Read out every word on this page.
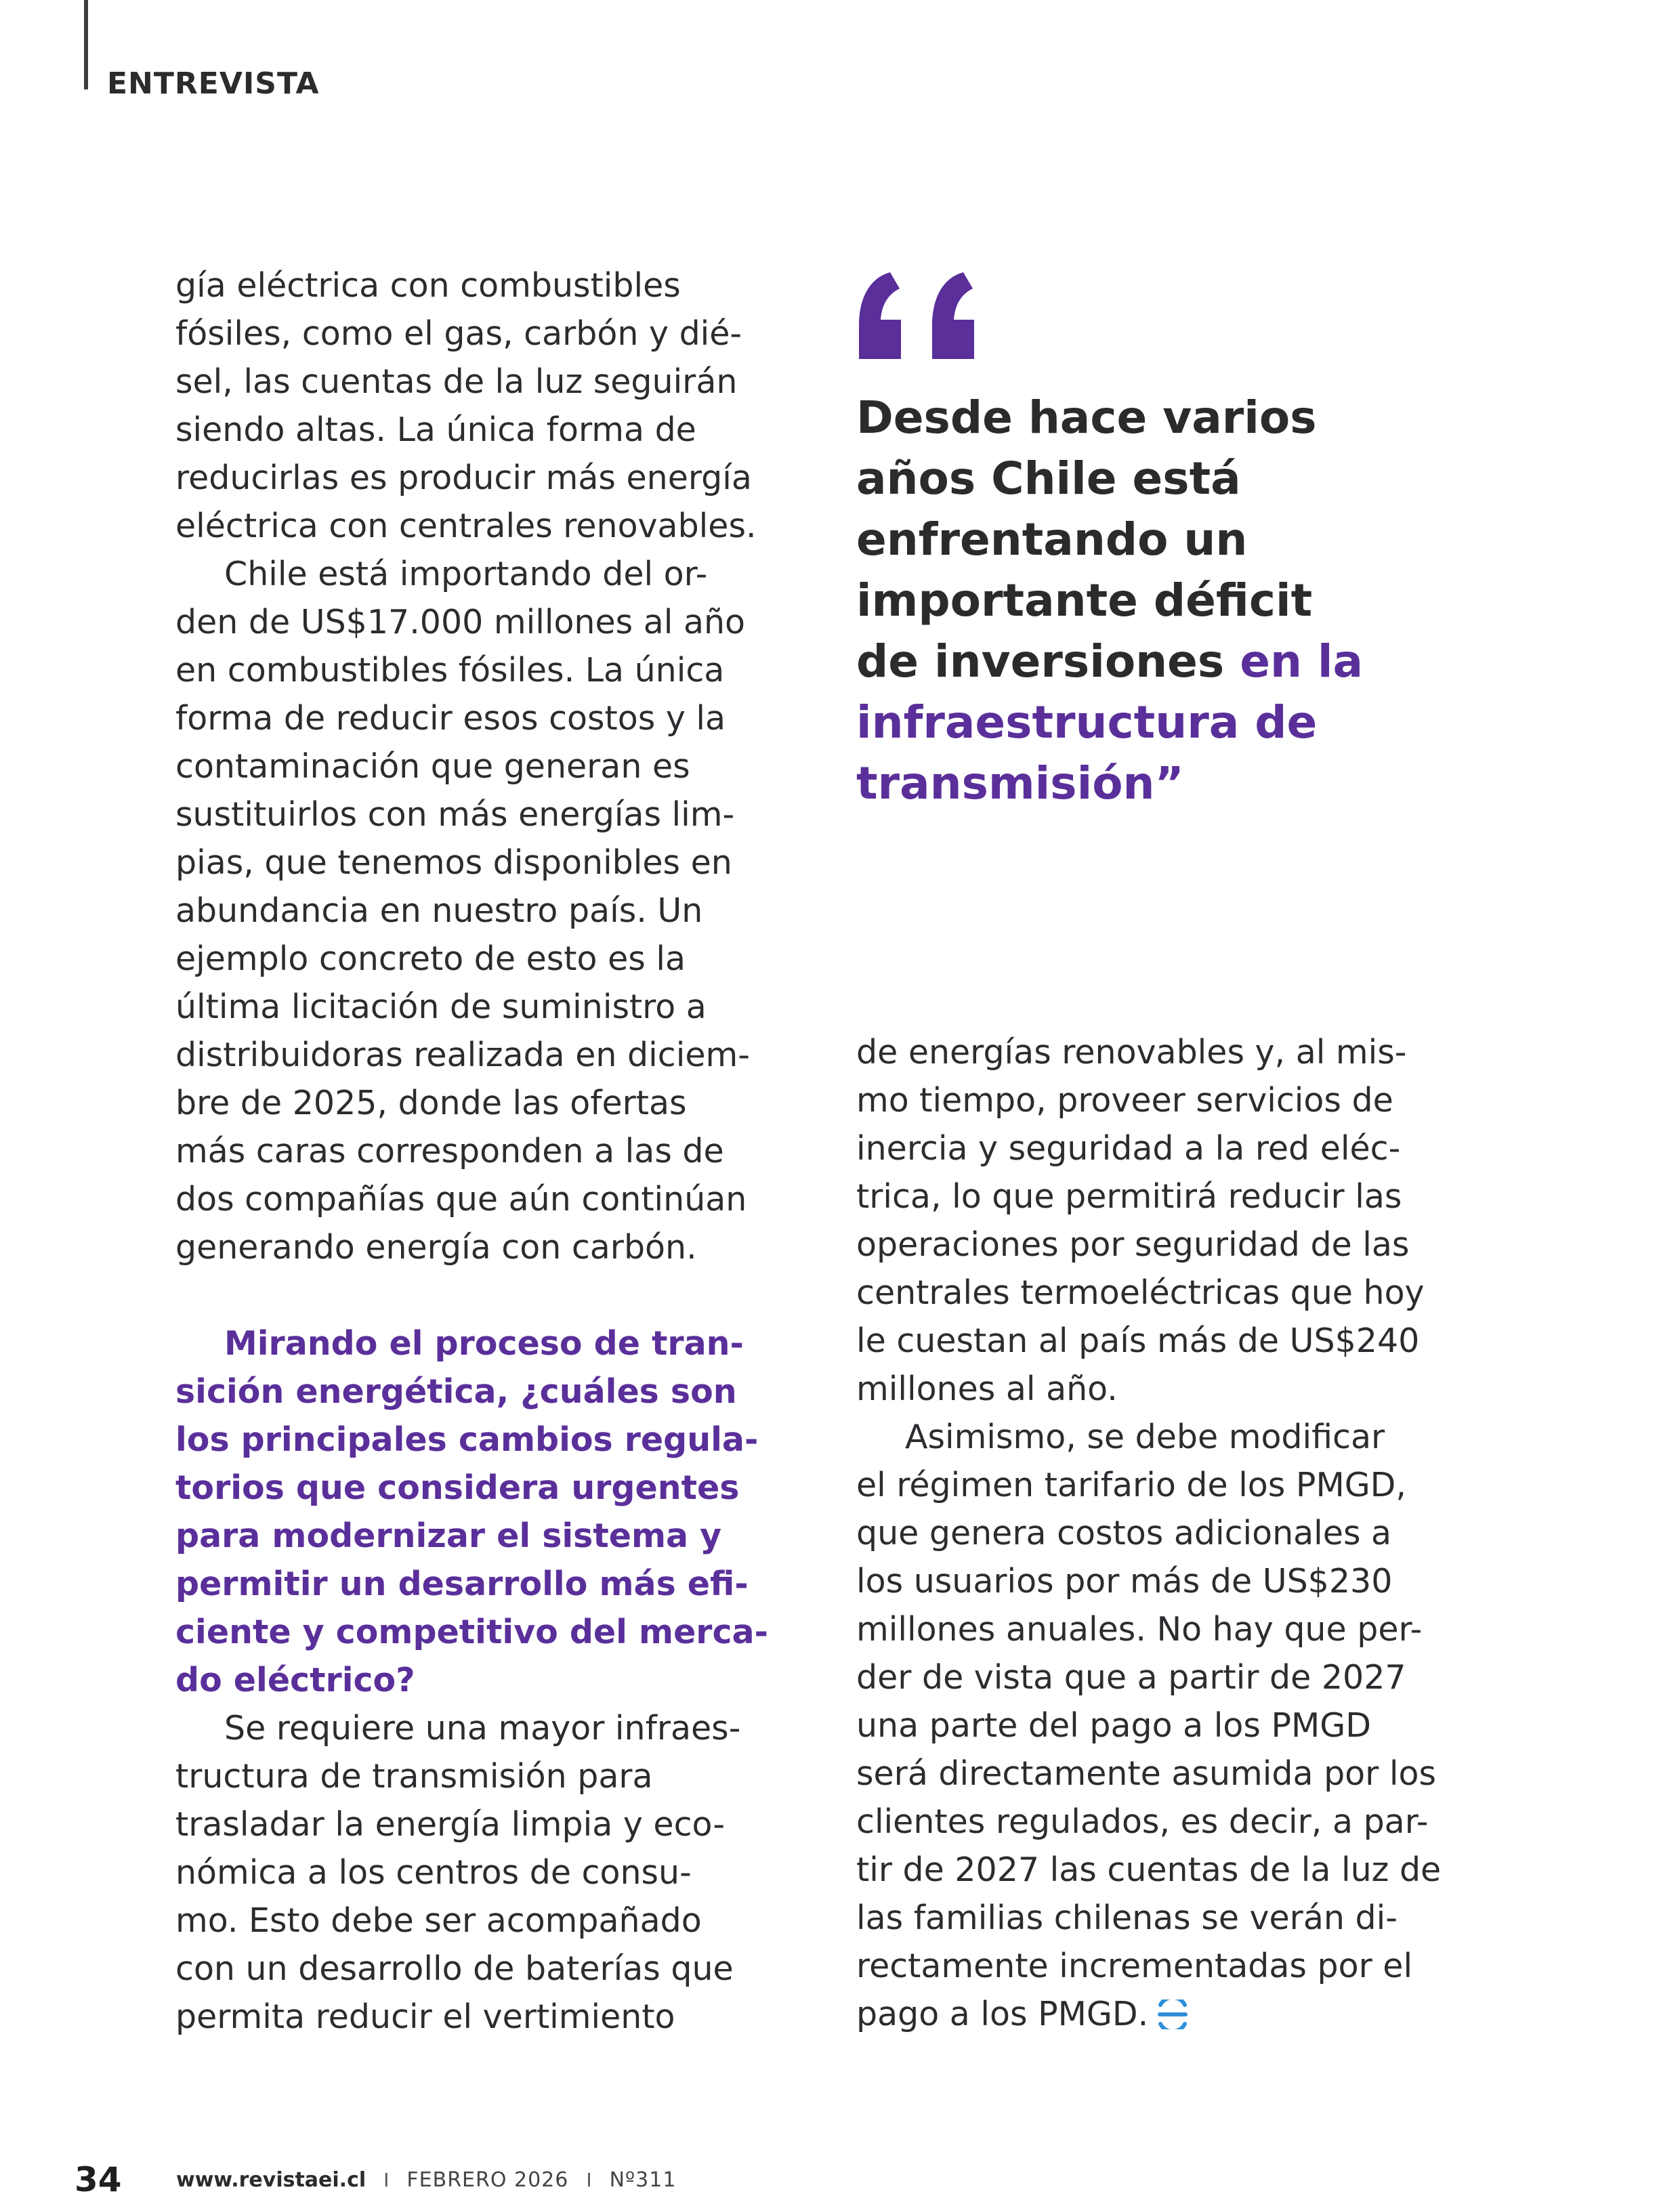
ENTREVISTA

gía eléctrica con combustibles
fósiles, como el gas, carbón y dié-
sel, las cuentas de la luz seguirán
siendo altas. La única forma de
reducirlas es producir más energía
eléctrica con centrales renovables.

Chile está importando del or-
den de US$17.000 millones al año
en combustibles fósiles. La única
forma de reducir esos costos y la
contaminación que generan es
sustituirlos con más energías lim-
pias, que tenemos disponibles en
abundancia en nuestro país. Un
ejemplo concreto de esto es la
última licitación de suministro a
distribuidoras realizada en diciem-
bre de 2025, donde las ofertas
más caras corresponden a las de
dos compañías que aún continúan
generando energía con carbón.

Mirando el proceso de tran-
sición energética, ¿cuáles son
los principales cambios regula-
torios que considera urgentes
para modernizar el sistema y
permitir un desarrollo más efi-
ciente y competitivo del merca-
do eléctrico?

Se requiere una mayor infraes-
tructura de transmisión para
trasladar la energía limpia y eco-
nómica a los centros de consu-
mo. Esto debe ser acompañado
con un desarrollo de baterías que
permita reducir el vertimiento

Desde hace varios
años Chile está
enfrentando un
importante déficit
de inversiones en la
infraestructura de
transmisión”

de energías renovables y, al mis-
mo tiempo, proveer servicios de
inercia y seguridad a la red eléc-
trica, lo que permitirá reducir las
operaciones por seguridad de las
centrales termoeléctricas que hoy
le cuestan al país más de US$240
millones al año.

Asimismo, se debe modificar
el régimen tarifario de los PMGD,
que genera costos adicionales a
los usuarios por más de US$230
millones anuales. No hay que per-
der de vista que a partir de 2027
una parte del pago a los PMGD
será directamente asumida por los
clientes regulados, es decir, a par-
tir de 2027 las cuentas de la luz de
las familias chilenas se verán di-
rectamente incrementadas por el
pago a los PMGD.

34	www.revistaei.cl I FEBRERO 2026 I Nº311
